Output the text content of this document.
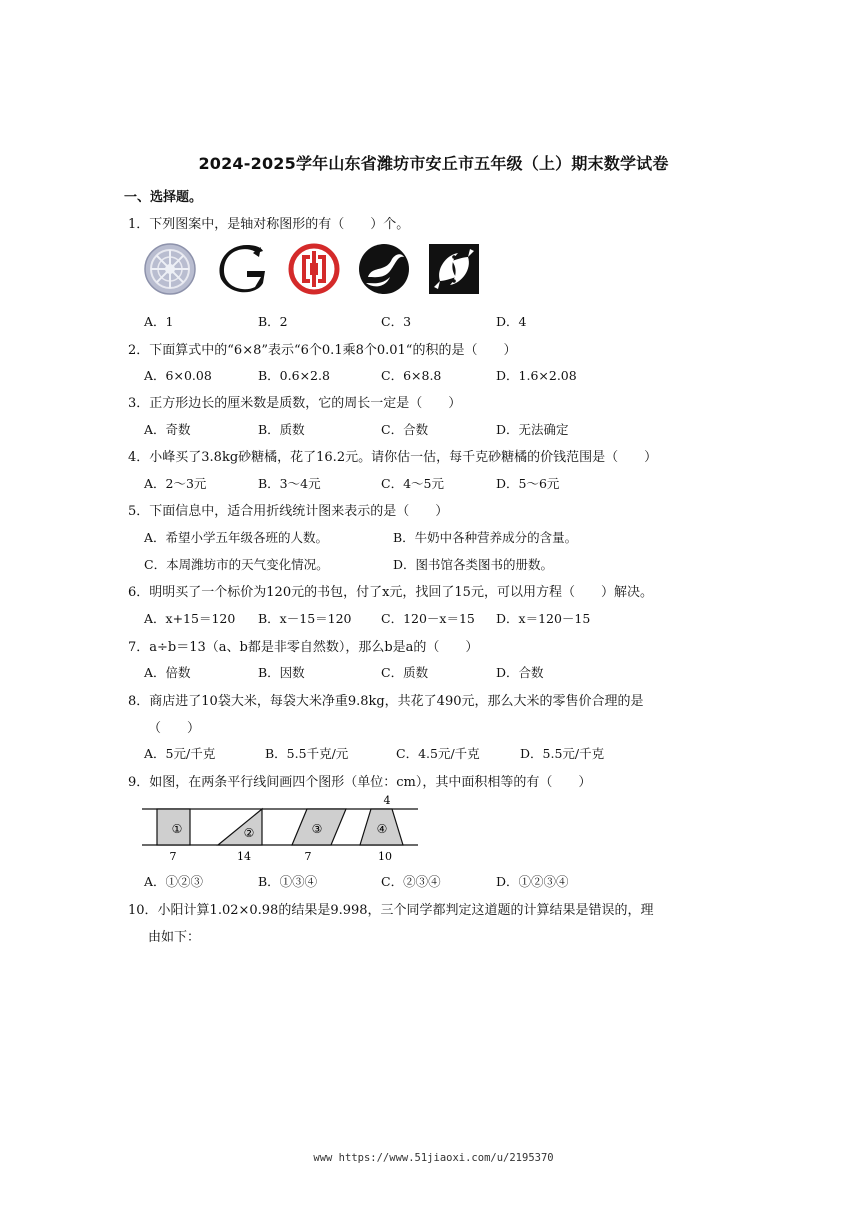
2024-2025学年山东省潍坊市安丘市五年级（上）期末数学试卷
一、选择题。
1．下列图案中，是轴对称图形的有（　　）个。
A．1	B．2	C．3	D．4
2．下面算式中的“6×8”表示“6个0.1乘8个0.01“的积的是（　　）
A．6×0.08	B．0.6×2.8	C．6×8.8	D．1.6×2.08
3．正方形边长的厘米数是质数，它的周长一定是（　　）
A．奇数	B．质数	C．合数	D．无法确定
4．小峰买了3.8kg砂糖橘，花了16.2元。请你估一估，每千克砂糖橘的价钱范围是（　　）
A．2～3元	B．3～4元	C．4～5元	D．5～6元
5．下面信息中，适合用折线统计图来表示的是（　　）
A．希望小学五年级各班的人数。	B．牛奶中各种营养成分的含量。
C．本周潍坊市的天气变化情况。	D．图书馆各类图书的册数。
6．明明买了一个标价为120元的书包，付了x元，找回了15元，可以用方程（　　）解决。
A．x+15＝120 B．x－15＝120 C．120－x＝15 D．x＝120－15
7．a÷b＝13（a、b都是非零自然数），那么b是a的（　　）
A．倍数	B．因数	C．质数	D．合数
8．商店进了10袋大米，每袋大米净重9.8kg，共花了490元，那么大米的零售价合理的是
（　　）
A．5元/千克	B．5.5千克/元	C．4.5元/千克	D．5.5元/千克
9．如图，在两条平行线间画四个图形（单位：cm），其中面积相等的有（　　）
①	②	③	④
4
7	14	7	10
A．①②③	B．①③④	C．②③④	D．①②③④
10．小阳计算1.02×0.98的结果是9.998，三个同学都判定这道题的计算结果是错误的，理
由如下：
www https://www.51jiaoxi.com/u/2195370
